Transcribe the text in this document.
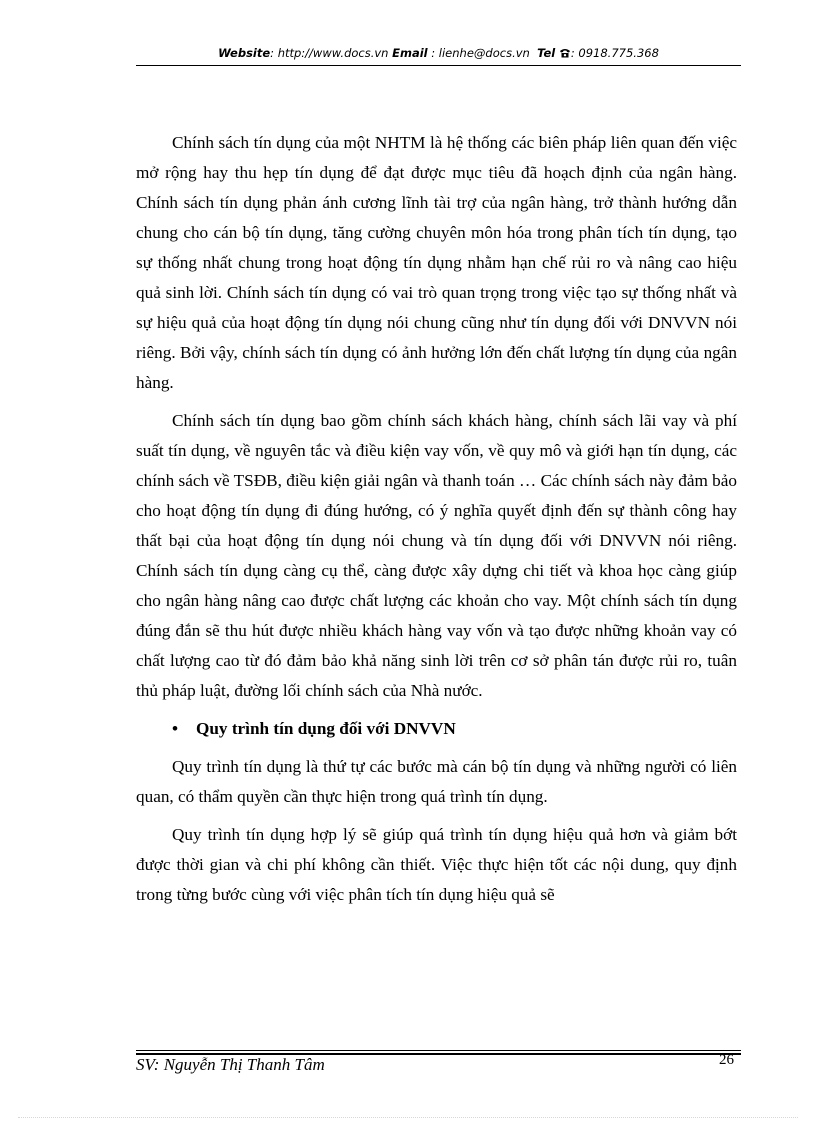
Website: http://www.docs.vn Email : lienhe@docs.vn Tel : 0918.775.368

Chính sách tín dụng của một NHTM là hệ thống các biên pháp liên quan đến việc mở rộng hay thu hẹp tín dụng để đạt được mục tiêu đã hoạch định của ngân hàng. Chính sách tín dụng phản ánh cương lĩnh tài trợ của ngân hàng, trở thành hướng dẫn chung cho cán bộ tín dụng, tăng cường chuyên môn hóa trong phân tích tín dụng, tạo sự thống nhất chung trong hoạt động tín dụng nhằm hạn chế rủi ro và nâng cao hiệu quả sinh lời. Chính sách tín dụng có vai trò quan trọng trong việc tạo sự thống nhất và sự hiệu quả của hoạt động tín dụng nói chung cũng như tín dụng đối với DNVVN nói riêng. Bởi vậy, chính sách tín dụng có ảnh hưởng lớn đến chất lượng tín dụng của ngân hàng.

Chính sách tín dụng bao gồm chính sách khách hàng, chính sách lãi vay và phí suất tín dụng, về nguyên tắc và điều kiện vay vốn, về quy mô và giới hạn tín dụng, các chính sách về TSĐB, điều kiện giải ngân và thanh toán … Các chính sách này đảm bảo cho hoạt động tín dụng đi đúng hướng, có ý nghĩa quyết định đến sự thành công hay thất bại của hoạt động tín dụng nói chung và tín dụng đối với DNVVN nói riêng. Chính sách tín dụng càng cụ thể, càng được xây dựng chi tiết và khoa học càng giúp cho ngân hàng nâng cao được chất lượng các khoản cho vay. Một chính sách tín dụng đúng đắn sẽ thu hút được nhiều khách hàng vay vốn và tạo được những khoản vay có chất lượng cao từ đó đảm bảo khả năng sinh lời trên cơ sở phân tán được rủi ro, tuân thủ pháp luật, đường lối chính sách của Nhà nước.

• Quy trình tín dụng đối với DNVVN

Quy trình tín dụng là thứ tự các bước mà cán bộ tín dụng và những người có liên quan, có thẩm quyền cần thực hiện trong quá trình tín dụng.

Quy trình tín dụng hợp lý sẽ giúp quá trình tín dụng hiệu quả hơn và giảm bớt được thời gian và chi phí không cần thiết. Việc thực hiện tốt các nội dung, quy định trong từng bước cùng với việc phân tích tín dụng hiệu quả sẽ

SV: Nguyễn Thị Thanh Tâm	26
